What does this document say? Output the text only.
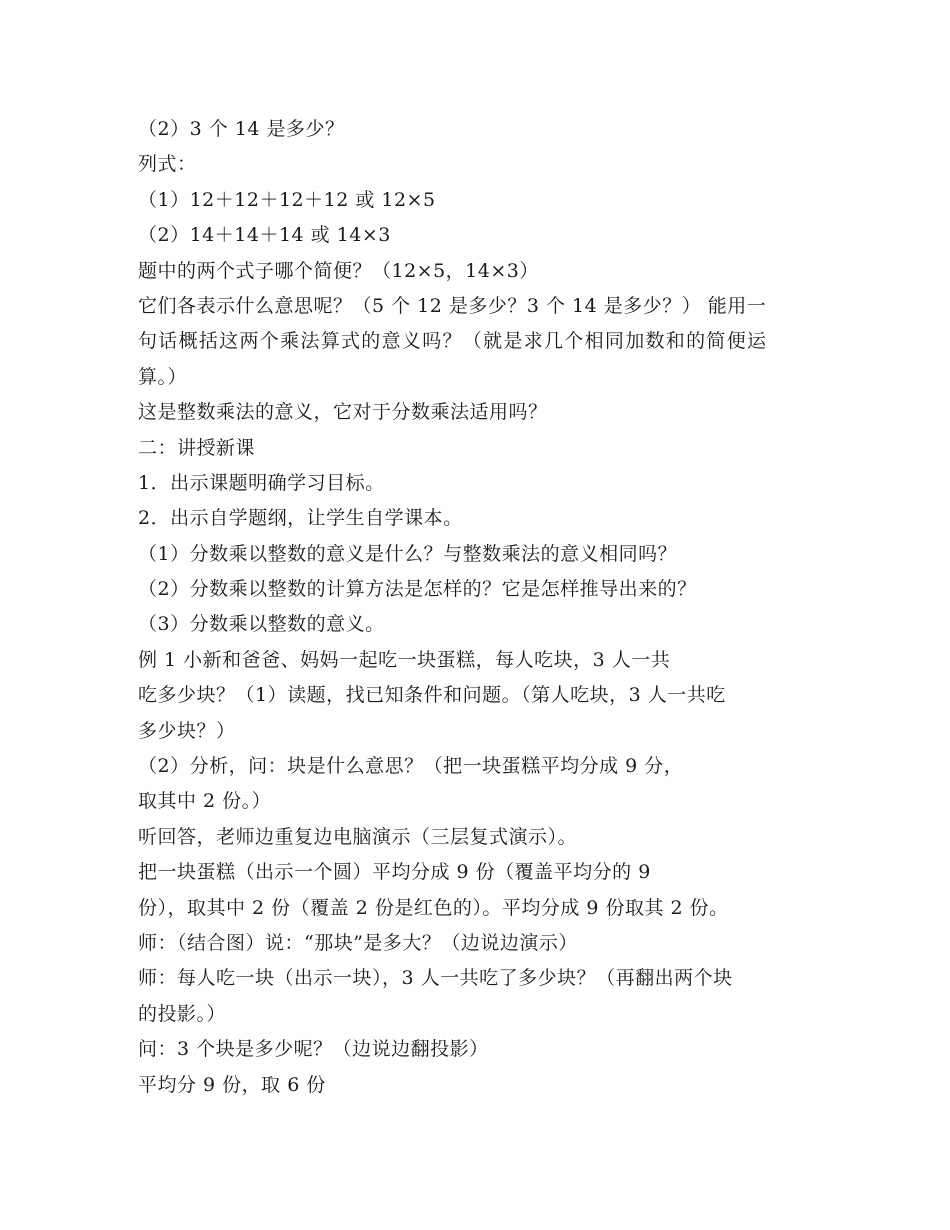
（2）3 个 14 是多少？
列式：
（1）12＋12＋12＋12 或 12×5
（2）14＋14＋14 或 14×3
题中的两个式子哪个简便？（12×5，14×3）
它们各表示什么意思呢？（5 个 12 是多少？3 个 14 是多少？） 能用一
句话概括这两个乘法算式的意义吗？（就是求几个相同加数和的简便运
算。）
这是整数乘法的意义，它对于分数乘法适用吗？
二：讲授新课
1．出示课题明确学习目标。
2．出示自学题纲，让学生自学课本。
（1）分数乘以整数的意义是什么？与整数乘法的意义相同吗？
（2）分数乘以整数的计算方法是怎样的？它是怎样推导出来的？
（3）分数乘以整数的意义。
例 1 小新和爸爸、妈妈一起吃一块蛋糕，每人吃块，3 人一共
吃多少块？（1）读题，找已知条件和问题。（第人吃块，3 人一共吃
多少块？）
（2）分析，问：块是什么意思？（把一块蛋糕平均分成 9 分，
取其中 2 份。）
听回答，老师边重复边电脑演示（三层复式演示）。
把一块蛋糕（出示一个圆）平均分成 9 份（覆盖平均分的 9
份），取其中 2 份（覆盖 2 份是红色的）。平均分成 9 份取其 2 份。
师：（结合图）说：“那块”是多大？（边说边演示）
师：每人吃一块（出示一块），3 人一共吃了多少块？（再翻出两个块
的投影。）
问：3 个块是多少呢？（边说边翻投影）
平均分 9 份，取 6 份
